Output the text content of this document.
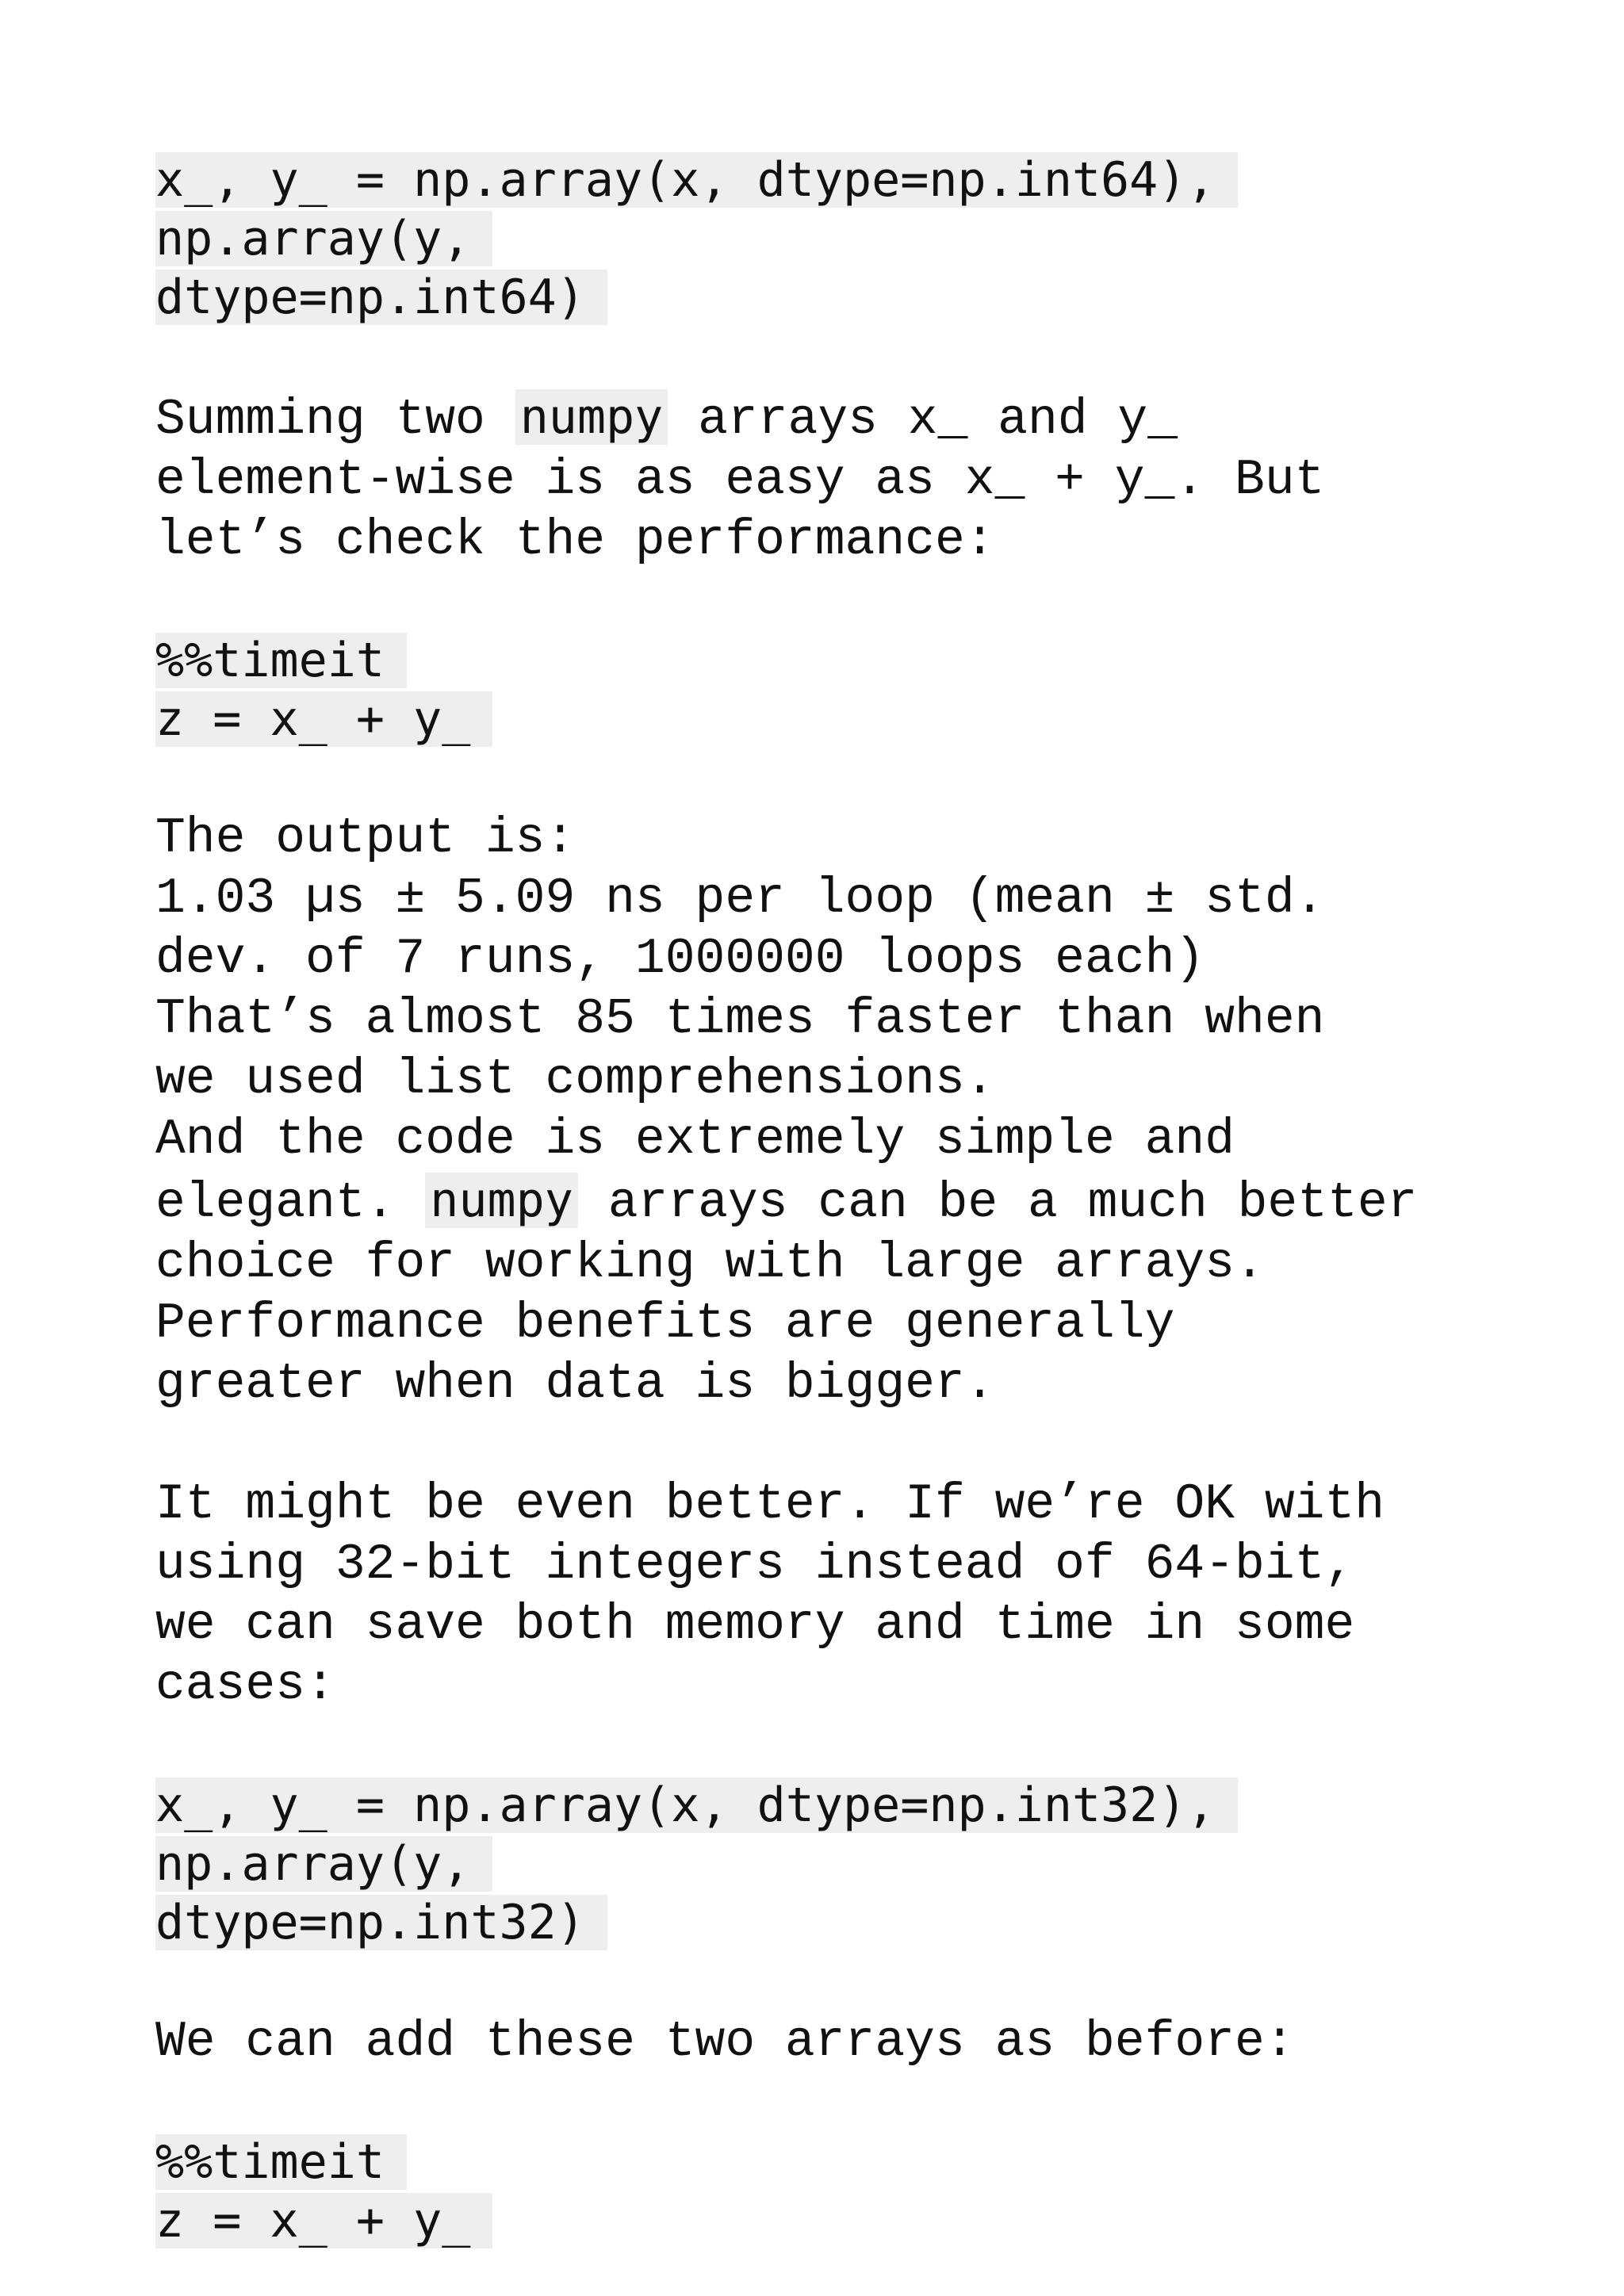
x_, y_ = np.array(x, dtype=np.int64), np.array(y,
dtype=np.int64)
Summing two numpy arrays x_ and y_
element-wise is as easy as x_ + y_. But
let’s check the performance:
%%timeit
z = x_ + y_
The output is:
1.03 µs ± 5.09 ns per loop (mean ± std.
dev. of 7 runs, 1000000 loops each)
That’s almost 85 times faster than when
we used list comprehensions.
And the code is extremely simple and
elegant. numpy arrays can be a much better
choice for working with large arrays.
Performance benefits are generally
greater when data is bigger.
It might be even better. If we’re OK with
using 32-bit integers instead of 64-bit,
we can save both memory and time in some
cases:
x_, y_ = np.array(x, dtype=np.int32), np.array(y,
dtype=np.int32)
We can add these two arrays as before:
%%timeit
z = x_ + y_
